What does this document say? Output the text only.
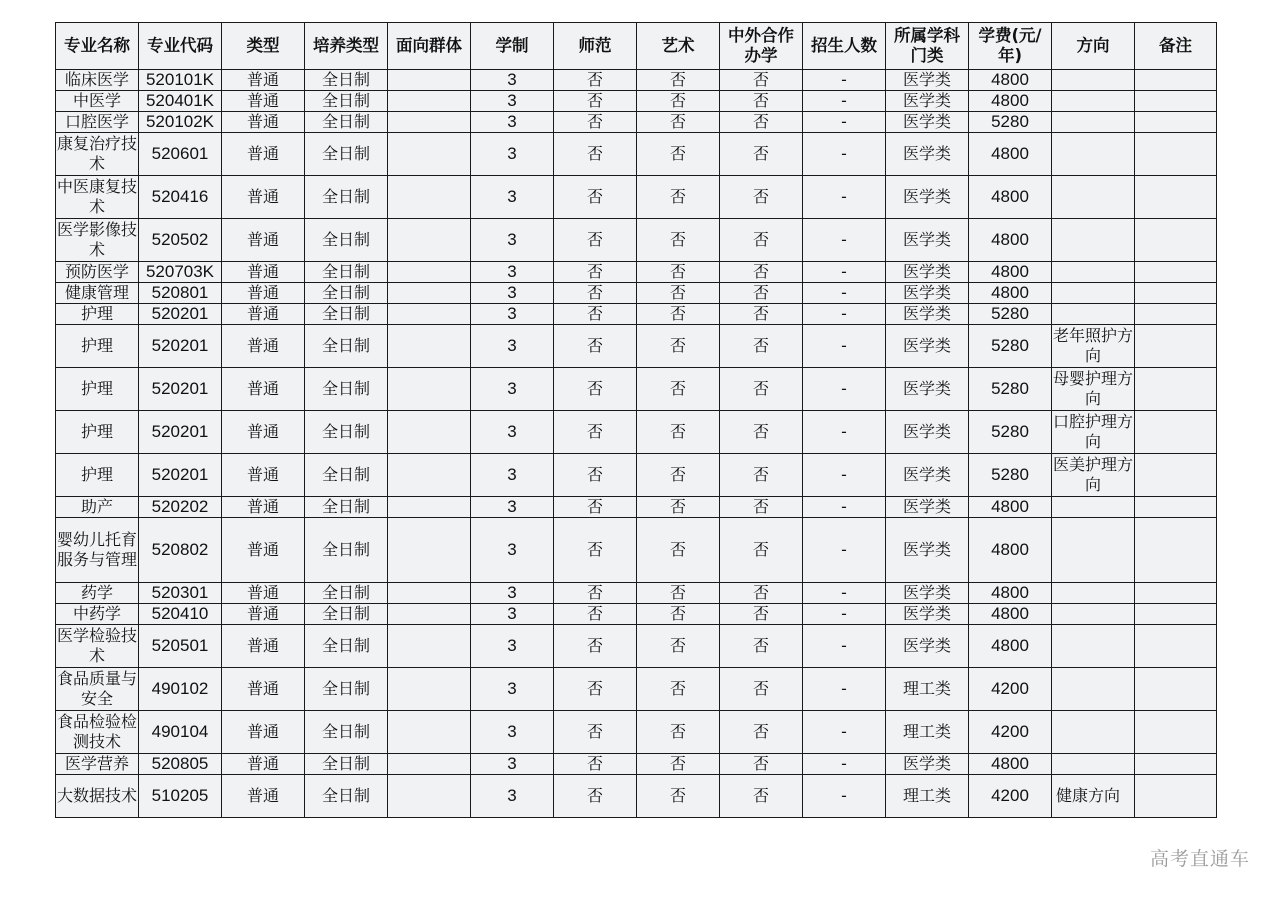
专业名称	专业代码	类型	培养类型	面向群体	学制	师范	艺术	中外合作办学	招生人数	所属学科门类	学费(元/年)	方向	备注
临床医学	520101K	普通	全日制		3	否	否	否	-	医学类	4800		
中医学	520401K	普通	全日制		3	否	否	否	-	医学类	4800		
口腔医学	520102K	普通	全日制		3	否	否	否	-	医学类	5280		
康复治疗技术	520601	普通	全日制		3	否	否	否	-	医学类	4800		
中医康复技术	520416	普通	全日制		3	否	否	否	-	医学类	4800		
医学影像技术	520502	普通	全日制		3	否	否	否	-	医学类	4800		
预防医学	520703K	普通	全日制		3	否	否	否	-	医学类	4800		
健康管理	520801	普通	全日制		3	否	否	否	-	医学类	4800		
护理	520201	普通	全日制		3	否	否	否	-	医学类	5280		
护理	520201	普通	全日制		3	否	否	否	-	医学类	5280	老年照护方向	
护理	520201	普通	全日制		3	否	否	否	-	医学类	5280	母婴护理方向	
护理	520201	普通	全日制		3	否	否	否	-	医学类	5280	口腔护理方向	
护理	520201	普通	全日制		3	否	否	否	-	医学类	5280	医美护理方向	
助产	520202	普通	全日制		3	否	否	否	-	医学类	4800		
婴幼儿托育服务与管理	520802	普通	全日制		3	否	否	否	-	医学类	4800		
药学	520301	普通	全日制		3	否	否	否	-	医学类	4800		
中药学	520410	普通	全日制		3	否	否	否	-	医学类	4800		
医学检验技术	520501	普通	全日制		3	否	否	否	-	医学类	4800		
食品质量与安全	490102	普通	全日制		3	否	否	否	-	理工类	4200		
食品检验检测技术	490104	普通	全日制		3	否	否	否	-	理工类	4200		
医学营养	520805	普通	全日制		3	否	否	否	-	医学类	4800		
大数据技术	510205	普通	全日制		3	否	否	否	-	理工类	4200	健康方向	
高考直通车
